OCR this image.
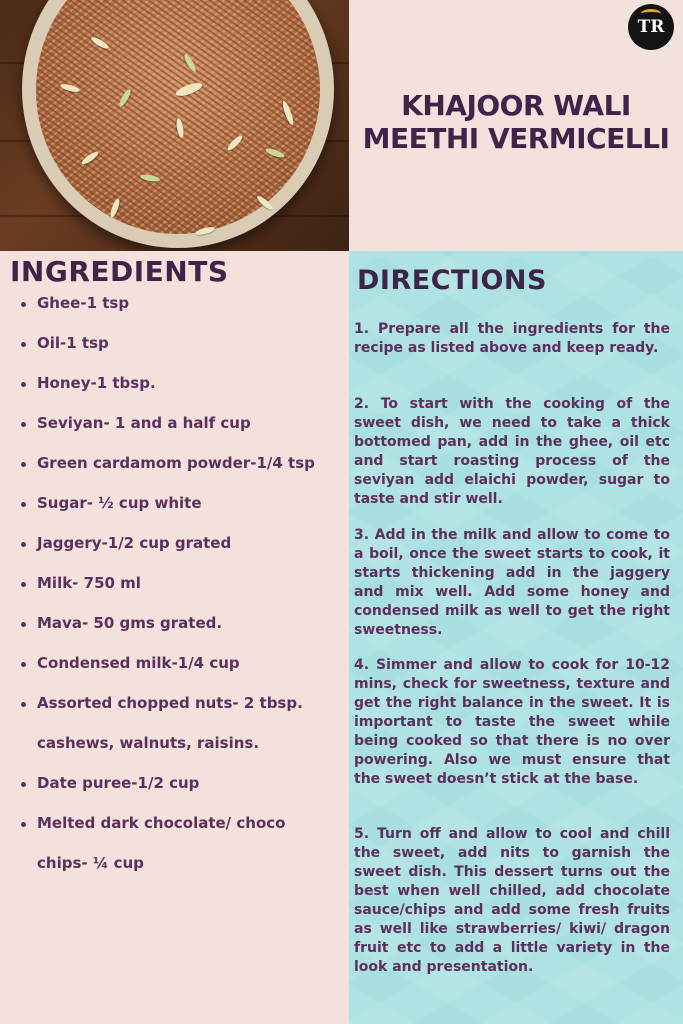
TR
KHAJOOR WALI
MEETHI VERMICELLI
INGREDIENTS
Ghee-1 tsp
Oil-1 tsp
Honey-1 tbsp.
Seviyan- 1 and a half cup
Green cardamom powder-1/4 tsp
Sugar- ½ cup white
Jaggery-1/2 cup grated
Milk- 750 ml
Mava- 50 gms grated.
Condensed milk-1/4 cup
Assorted chopped nuts- 2 tbsp.
cashews, walnuts, raisins.
Date puree-1/2 cup
Melted dark chocolate/ choco
chips- ¼ cup
DIRECTIONS

1. Prepare all the ingredients for the recipe as listed above and keep ready.

2. To start with the cooking of the sweet dish, we need to take a thick bottomed pan, add in the ghee, oil etc and start roasting process of the seviyan add elaichi powder, sugar to taste and stir well.

3. Add in the milk and allow to come to a boil, once the sweet starts to cook, it starts thickening add in the jaggery and mix well. Add some honey and condensed milk as well to get the right sweetness.

4. Simmer and allow to cook for 10-12 mins, check for sweetness, texture and get the right balance in the sweet. It is important to taste the sweet while being cooked so that there is no over powering. Also we must ensure that the sweet doesn’t stick at the base.

5. Turn off and allow to cool and chill the sweet, add nits to garnish the sweet dish. This dessert turns out the best when well chilled, add chocolate sauce/chips and add some fresh fruits as well like strawberries/ kiwi/ dragon fruit etc to add a little variety in the look and presentation.
